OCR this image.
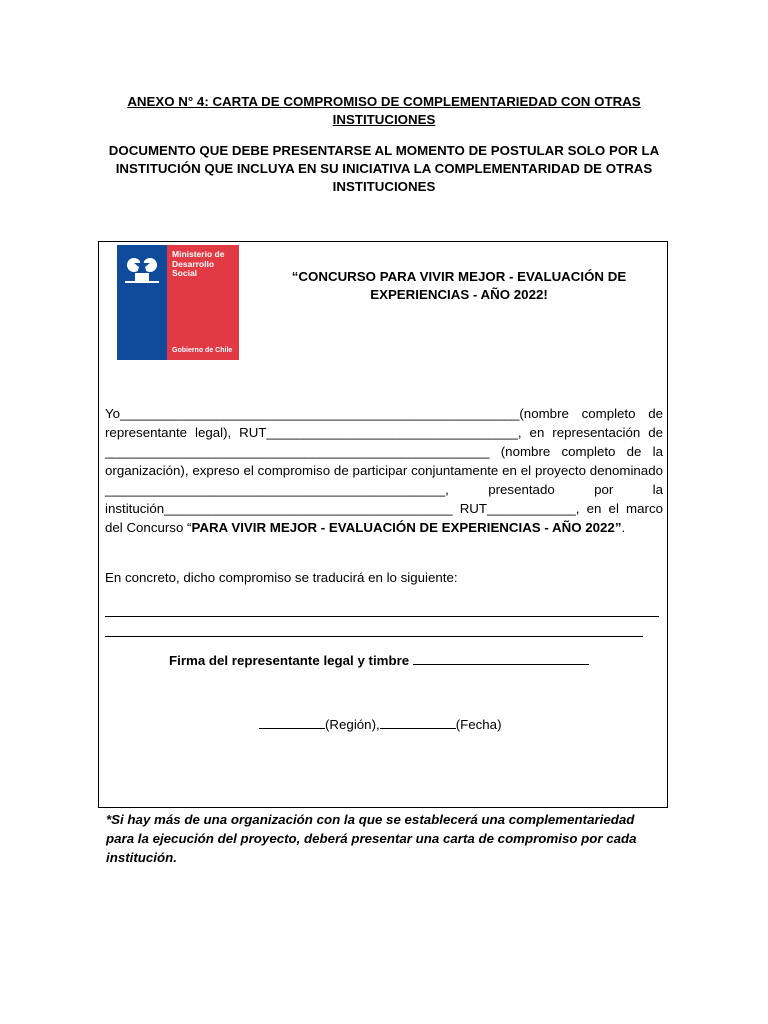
ANEXO N° 4: CARTA DE COMPROMISO DE COMPLEMENTARIEDAD CON OTRAS
INSTITUCIONES
DOCUMENTO QUE DEBE PRESENTARSE AL MOMENTO DE POSTULAR SOLO POR LA INSTITUCIÓN QUE INCLUYA EN SU INICIATIVA LA COMPLEMENTARIDAD DE OTRAS INSTITUCIONES
Ministerio de Desarrollo Social
Gobierno de Chile
“CONCURSO PARA VIVIR MEJOR - EVALUACIÓN DE EXPERIENCIAS - AÑO 2022!
Yo______________________________________________________(nombre completo de representante legal), RUT__________________________________, en representación de ____________________________________________________ (nombre completo de la organización), expreso el compromiso de participar conjuntamente en el proyecto denominado ______________________________________________, presentado por la institución_______________________________________ RUT____________, en el marco del Concurso “PARA VIVIR MEJOR - EVALUACIÓN DE EXPERIENCIAS - AÑO 2022”.
En concreto, dicho compromiso se traducirá en lo siguiente:
Firma del representante legal y timbre
(Región),	(Fecha)
*Si hay más de una organización con la que se establecerá una complementariedad para la ejecución del proyecto, deberá presentar una carta de compromiso por cada institución.
